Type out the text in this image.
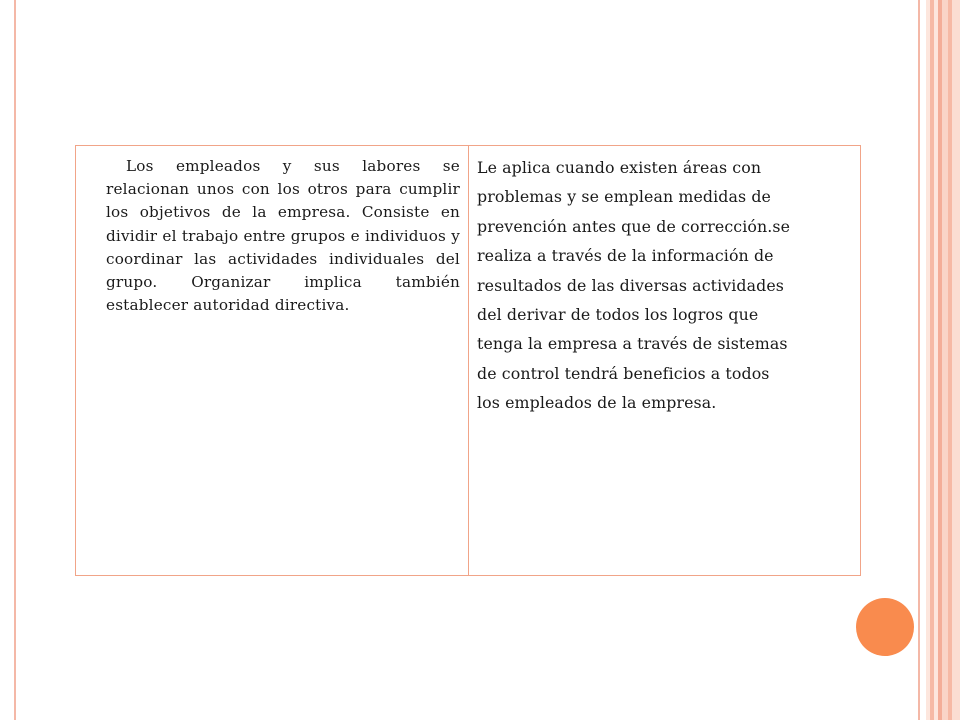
Los empleados y sus labores se relacionan unos con los otros para cumplir los objetivos de la empresa. Consiste en dividir el trabajo entre grupos e individuos y coordinar las actividades individuales del grupo. Organizar implica también establecer autoridad directiva.
Le aplica cuando existen áreas con
problemas y se emplean medidas de
prevención antes que de corrección.se
realiza a través de la información de
resultados de las diversas actividades
del derivar de todos los logros que
tenga la empresa a través de sistemas
de control tendrá beneficios a todos
los empleados de la empresa.
